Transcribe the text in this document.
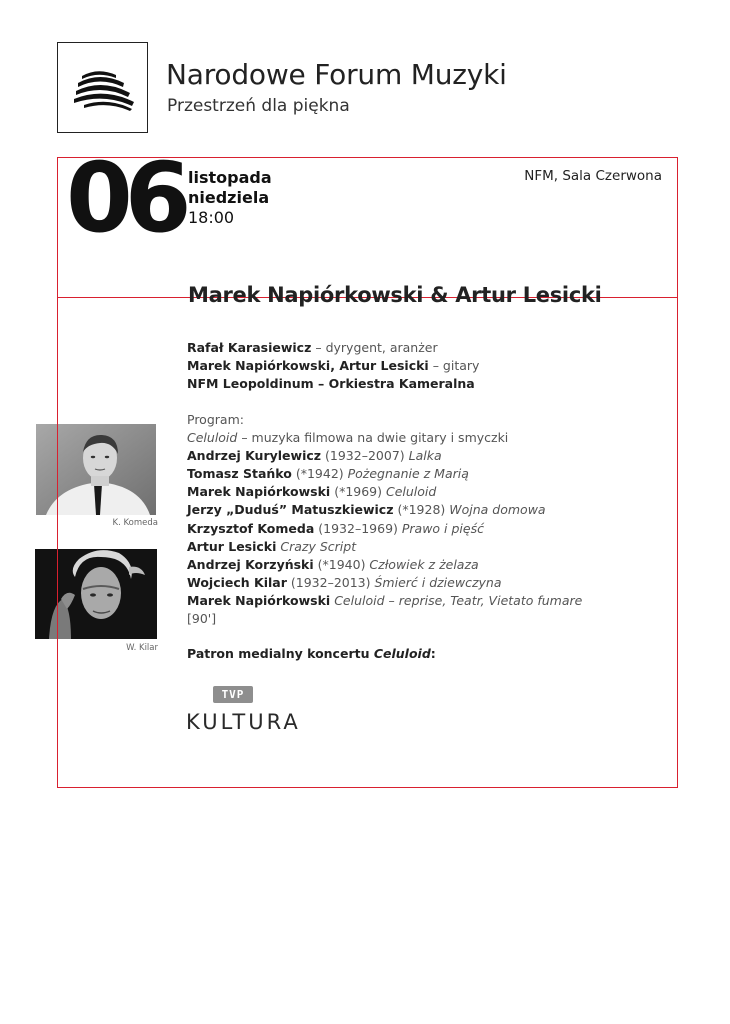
Narodowe Forum Muzyki
Przestrzeń dla piękna
06 listopada
niedziela
18:00
NFM, Sala Czerwona
Marek Napiórkowski & Artur Lesicki
Rafał Karasiewicz – dyrygent, aranżer
Marek Napiórkowski, Artur Lesicki – gitary
NFM Leopoldinum – Orkiestra Kameralna
Program:
Celuloid – muzyka filmowa na dwie gitary i smyczki
Andrzej Kurylewicz (1932–2007) Lalka
Tomasz Stańko (*1942) Pożegnanie z Marią
Marek Napiórkowski (*1969) Celuloid
Jerzy „Duduś” Matuszkiewicz (*1928) Wojna domowa
Krzysztof Komeda (1932–1969) Prawo i pięść
Artur Lesicki Crazy Script
Andrzej Korzyński (*1940) Człowiek z żelaza
Wojciech Kilar (1932–2013) Śmierć i dziewczyna
Marek Napiórkowski Celuloid – reprise, Teatr, Vietato fumare
[90']
Patron medialny koncertu Celuloid:
TVP
KULTURA
K. Komeda
W. Kilar
